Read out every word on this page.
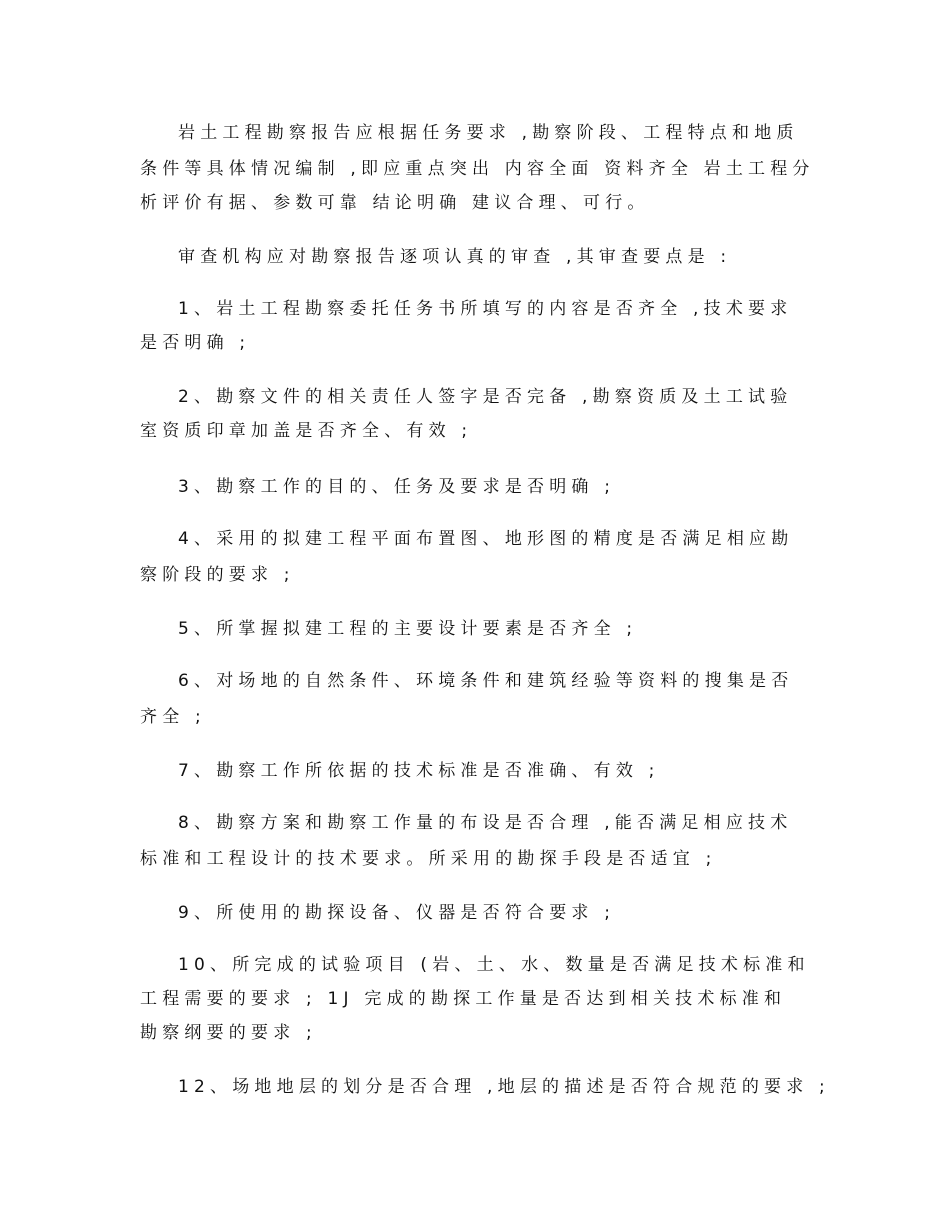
岩土工程勘察报告应根据任务要求 ,勘察阶段、工程特点和地质
条件等具体情况编制 ,即应重点突出 内容全面 资料齐全 岩土工程分
析评价有据、参数可靠 结论明确 建议合理、可行。
审查机构应对勘察报告逐项认真的审查 ,其审查要点是 :
1、岩土工程勘察委托任务书所填写的内容是否齐全 ,技术要求
是否明确 ;
2、勘察文件的相关责任人签字是否完备 ,勘察资质及土工试验
室资质印章加盖是否齐全、有效 ;
3、勘察工作的目的、任务及要求是否明确 ;
4、采用的拟建工程平面布置图、地形图的精度是否满足相应勘
察阶段的要求 ;
5、所掌握拟建工程的主要设计要素是否齐全 ;
6、对场地的自然条件、环境条件和建筑经验等资料的搜集是否
齐全 ;
7、勘察工作所依据的技术标准是否准确、有效 ;
8、勘察方案和勘察工作量的布设是否合理 ,能否满足相应技术
标准和工程设计的技术要求。所采用的勘探手段是否适宜 ;
9、所使用的勘探设备、仪器是否符合要求 ;
10、所完成的试验项目 (岩、土、水、数量是否满足技术标准和
工程需要的要求 ; 1J 完成的勘探工作量是否达到相关技术标准和
勘察纲要的要求 ;
12、场地地层的划分是否合理 ,地层的描述是否符合规范的要求 ;
